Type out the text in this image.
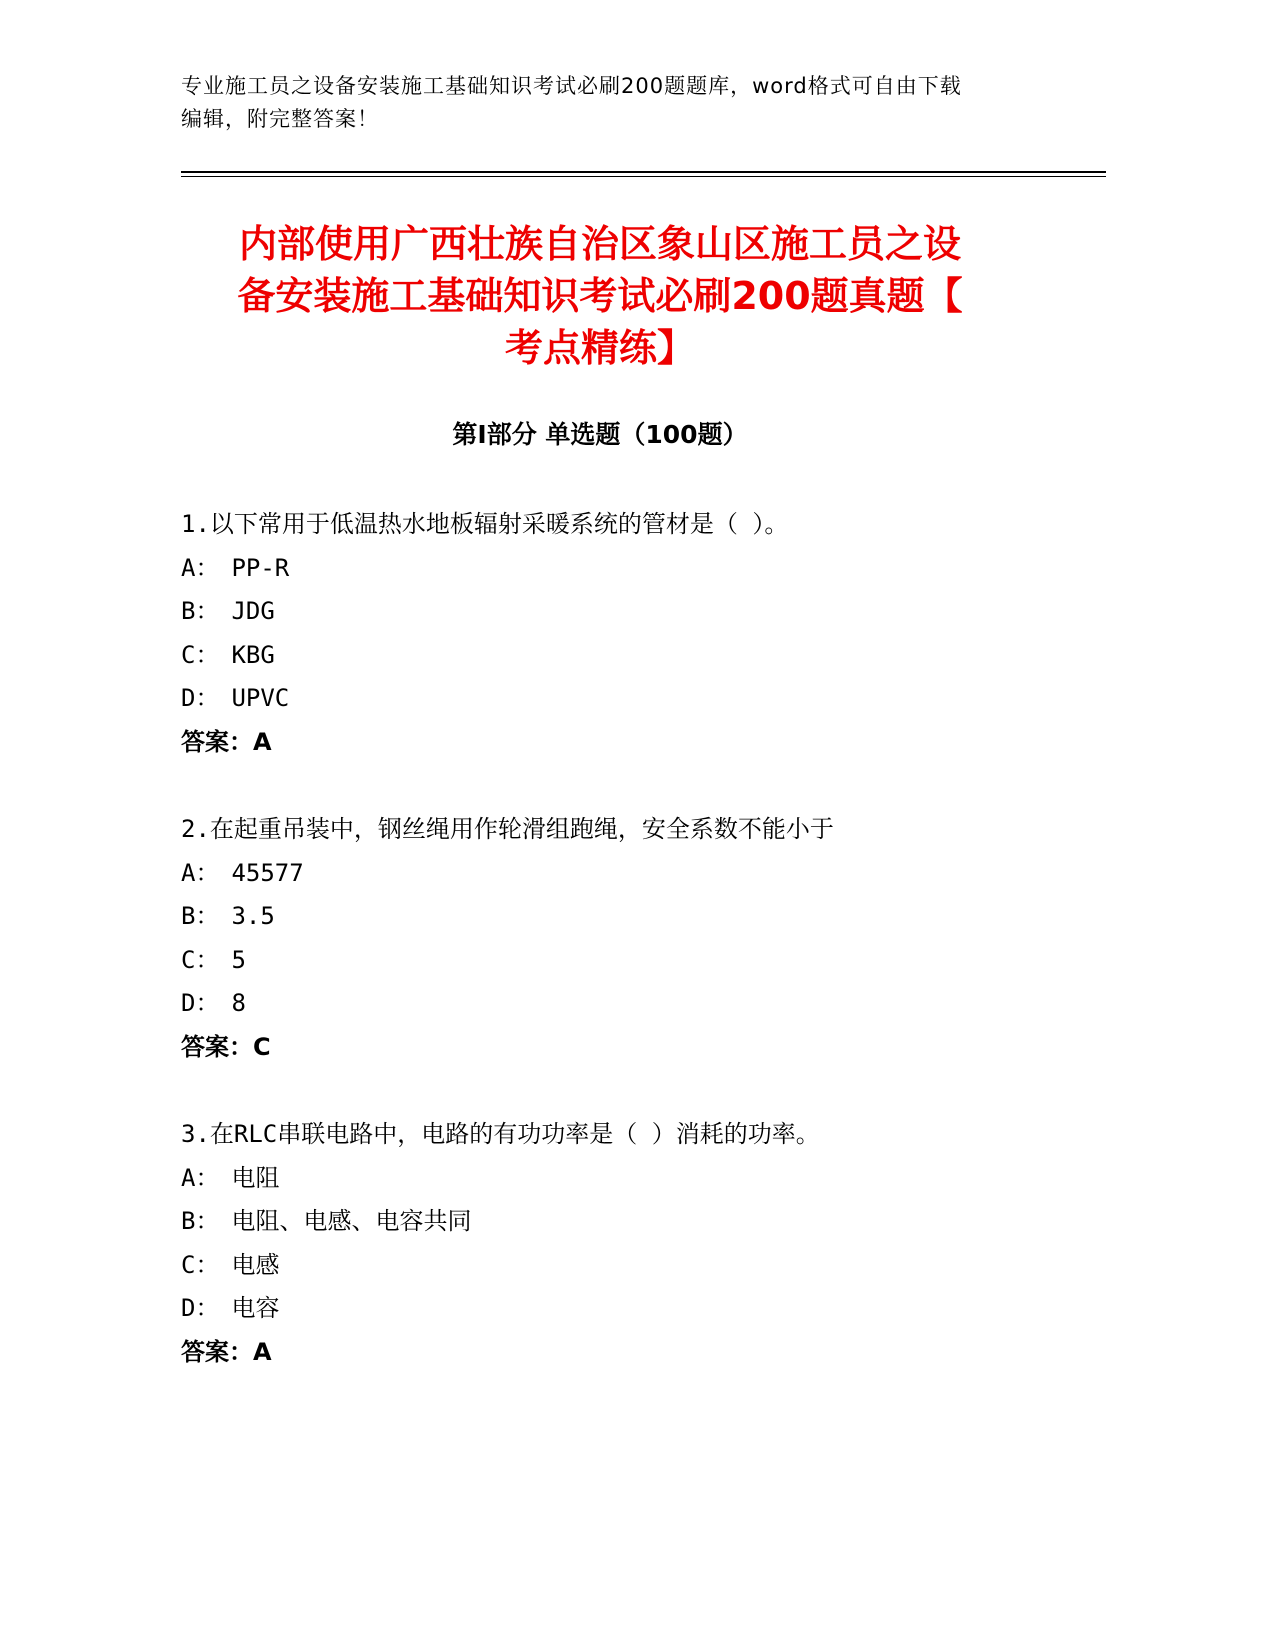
专业施工员之设备安装施工基础知识考试必刷200题题库，word格式可自由下载
编辑，附完整答案！
内部使用广西壮族自治区象山区施工员之设
备安装施工基础知识考试必刷200题真题【
考点精练】
第Ⅰ部分 单选题（100题）
1.以下常用于低温热水地板辐射采暖系统的管材是（ ）。
A： PP-R
B： JDG
C： KBG
D： UPVC
答案：A
2.在起重吊装中，钢丝绳用作轮滑组跑绳，安全系数不能小于
A： 45577
B： 3.5
C： 5
D： 8
答案：C
3.在RLC串联电路中，电路的有功功率是（ ）消耗的功率。
A： 电阻
B： 电阻、电感、电容共同
C： 电感
D： 电容
答案：A
